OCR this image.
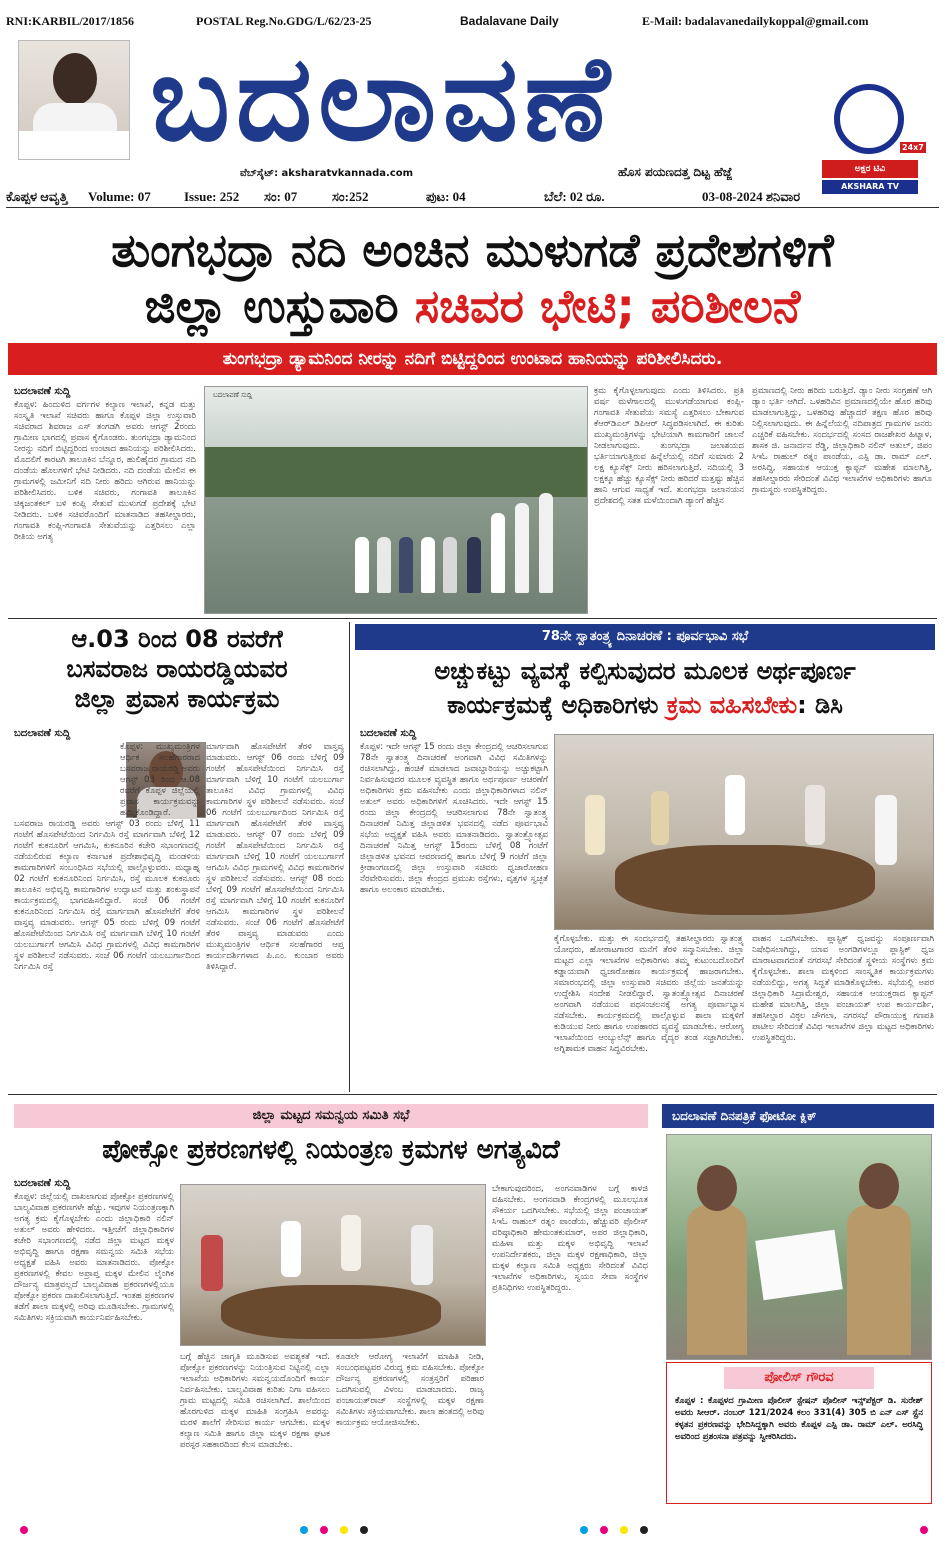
RNI:KARBIL/2017/1856	POSTAL Reg.No.GDG/L/62/23-25	Badalavane Daily	E-Mail: badalavanedailykoppal@gmail.com
ಬದಲಾವಣೆ
ವೆಬ್‌ಸೈಟ್: aksharatvkannada.com	ಹೊಸ ಪಯಣದತ್ತ ದಿಟ್ಟ ಹೆಜ್ಜೆ
24x7
ಅಕ್ಷರ ಟಿವಿ
AKSHARA TV KANNADA
ಕೊಪ್ಪಳ ಆವೃತ್ತಿ Volume: 07	Issue: 252 ಸಂ: 07	ಸಂ:252	ಪುಟ: 04	ಬೆಲೆ: 02 ರೂ.	03-08-2024 ಶನಿವಾರ
ತುಂಗಭದ್ರಾ ನದಿ ಅಂಚಿನ ಮುಳುಗಡೆ ಪ್ರದೇಶಗಳಿಗೆ
ಜಿಲ್ಲಾ ಉಸ್ತುವಾರಿ ಸಚಿವರ ಭೇಟಿ; ಪರಿಶೀಲನೆ
ತುಂಗಭದ್ರಾ ಡ್ಯಾಮನಿಂದ ನೀರನ್ನು ನದಿಗೆ ಬಿಟ್ಟಿದ್ದರಿಂದ ಉಂಟಾದ ಹಾನಿಯನ್ನು ಪರಿಶೀಲಿಸಿದರು.
ಬದಲಾವಣೆ ಸುದ್ದಿ
ಕೊಪ್ಪಳ: ಹಿಂದುಳಿದ ವರ್ಗಗಳ ಕಲ್ಯಾಣ ಇಲಾಖೆ, ಕನ್ನಡ ಮತ್ತು ಸಂಸ್ಕೃತಿ ಇಲಾಖೆ ಸಚಿವರು ಹಾಗೂ ಕೊಪ್ಪಳ ಜಿಲ್ಲಾ ಉಸ್ತುವಾರಿ ಸಚಿವರಾದ ಶಿವರಾಜ ಎಸ್ ತಂಗಡಗಿ ಅವರು ಆಗಸ್ಟ್ 2ರಂದು ಗ್ರಾಮೀಣ ಭಾಗದಲ್ಲಿ ಪ್ರವಾಸ ಕೈಗೊಂಡರು. ತುಂಗಭದ್ರಾ ಡ್ಯಾಮನಿಂದ ನೀರನ್ನು ನದಿಗೆ ಬಿಟ್ಟಿದ್ದರಿಂದ ಉಂಟಾದ ಹಾನಿಯನ್ನು ಪರಿಶೀಲಿಸಿದರು. ಮೊದಲಿಗೆ ಕಾರಟಗಿ ತಾಲೂಕಿನ ಬೆನ್ನೂರ, ಹುಲಿಹೈದರ ಗ್ರಾಮದ ನದಿ ದಂಡೆಯ ಹೊಲಗಳಿಗೆ ಭೇಟಿ ನೀಡಿದರು. ನದಿ ದಂಡೆಯ ಮೇಲಿನ ಈ ಗ್ರಾಮಗಳಲ್ಲಿ ಜಮೀನಿಗೆ ನದಿ ನೀರು ಹರಿದು ಆಗಿರುವ ಹಾನಿಯನ್ನು ಪರಿಶೀಲಿಸಿದರು. ಬಳಿಕ ಸಚಿವರು, ಗಂಗಾವತಿ ತಾಲೂಕಿನ ಚಿಕ್ಕಜಂತಕಲ್ ಬಳಿ ಕಂಪ್ಲಿ ಸೇತುವೆ ಮುಳುಗಡೆ ಪ್ರದೇಶಕ್ಕೆ ಭೇಟಿ ನೀಡಿದರು. ಬಳಿಕ ಸಚಿವರೊಂದಿಗೆ ಮಾತನಾಡಿದ ತಹಸೀಲ್ದಾರರು, ಗಂಗಾವತಿ ಕಂಪ್ಲಿ-ಗಂಗಾವತಿ ಸೇತುವೆಯನ್ನು ಎತ್ತರಿಸಲು ಎಲ್ಲಾ ರೀತಿಯ ಅಗತ್ಯ
ಬದಲಾವಣೆ ಸುದ್ದಿ	ಕ್ರಮ ಕೈಗೊಳ್ಳಲಾಗುವುದು ಎಂದು ತಿಳಿಸಿದರು. ಪ್ರತಿ ವರ್ಷ ಮಳೆಗಾಲದಲ್ಲಿ ಮುಳುಗಡೆಯಾಗುವ ಕಂಪ್ಲಿ-ಗಂಗಾವತಿ ಸೇತುವೆಯ ಸಮಸ್ಯೆ ಎತ್ತರಿಸಲು ಬೇಕಾಗುವ ಕೆಆರ್‌ಡಿಎಲ್ ಡಿಪಿಆರ್ ಸಿದ್ಧಪಡಿಸಲಾಗಿದೆ. ಈ ಕುರಿತು ಮುಖ್ಯಮಂತ್ರಿಗಳನ್ನು ಭೇಟಿಯಾಗಿ ಕಾಮಗಾರಿಗೆ ಚಾಲನೆ ನೀಡಲಾಗುವುದು. ತುಂಗಭದ್ರಾ ಜಲಾಶಯದ ಭರ್ತಿಯಾಗುತ್ತಿರುವ ಹಿನ್ನೆಲೆಯಲ್ಲಿ ನದಿಗೆ ಸುಮಾರು 2 ಲಕ್ಷ ಕ್ಯೂಸೆಕ್ಸ್ ನೀರು ಹರಿಸಲಾಗುತ್ತಿದೆ. ನದಿಯಲ್ಲಿ 3 ಲಕ್ಷಕ್ಕೂ ಹೆಚ್ಚು ಕ್ಯೂಸೆಕ್ಸ್ ನೀರು ಹರಿದರೆ ಮತ್ತಷ್ಟು ಹೆಚ್ಚಿನ ಹಾನಿ ಆಗುವ ಸಾಧ್ಯತೆ ಇದೆ. ತುಂಗಭದ್ರಾ ಜಲಾನಯನ ಪ್ರದೇಶದಲ್ಲಿ ಸತತ ಮಳೆಯಿಂದಾಗಿ ಡ್ಯಾಂಗೆ ಹೆಚ್ಚಿನ
ಪ್ರಮಾಣದಲ್ಲಿ ನೀರು ಹರಿದು ಬರುತ್ತಿದೆ. ಡ್ಯಾಂ ನೀರು ಸಂಗ್ರಹಣೆ ಆಗಿ ಡ್ಯಾಂ ಭರ್ತಿ ಆಗಿದೆ. ಒಳಹರಿವಿನ ಪ್ರಮಾಣದಲ್ಲಿಯೇ ಹೊರ ಹರಿವು ಮಾಡಲಾಗುತ್ತಿದ್ದು, ಒಳಹರಿವು ಹೆಚ್ಚಾದರೆ ತಕ್ಷಣ ಹೊರ ಹರಿವು ನಿಲ್ಲಿಸಲಾಗುವುದು. ಈ ಹಿನ್ನೆಲೆಯಲ್ಲಿ ನದಿಪಾತ್ರದ ಗ್ರಾಮಗಳ ಜನರು ಎಚ್ಚರಿಕೆ ವಹಿಸಬೇಕು. ಸಂದರ್ಭದಲ್ಲಿ ಸಂಸದ ರಾಜಶೇಖರ ಹಿಟ್ನಾಳ, ಶಾಸಕ ಜಿ. ಜನಾರ್ದನ ರೆಡ್ಡಿ, ಜಿಲ್ಲಾಧಿಕಾರಿ ನಲಿನ್ ಅತುಲ್, ಜಿಪಂ ಸಿಇಓ ರಾಹುಲ್ ರತ್ನಂ ಪಾಂಡೆಯ, ಎಸ್ಪಿ ಡಾ. ರಾಮ್ ಎಲ್. ಅರಸಿದ್ಧಿ, ಸಹಾಯಕ ಆಯುಕ್ತ ಕ್ಯಾಪ್ಟನ್ ಮಹೇಶ ಮಾಲಗಿತ್ತಿ, ತಹಸೀಲ್ದಾರರು ಸೇರಿದಂತೆ ವಿವಿಧ ಇಲಾಖೆಗಳ ಅಧಿಕಾರಿಗಳು ಹಾಗೂ ಗ್ರಾಮಸ್ಥರು ಉಪಸ್ಥಿತರಿದ್ದರು.
ಆ.03 ರಿಂದ 08 ರವರೆಗೆ
ಬಸವರಾಜ ರಾಯರಡ್ಡಿಯವರ
ಜಿಲ್ಲಾ ಪ್ರವಾಸ ಕಾರ್ಯಕ್ರಮ
ಬದಲಾವಣೆ ಸುದ್ದಿ
ಕೊಪ್ಪಳ: ಮುಖ್ಯಮಂತ್ರಿಗಳ ಆರ್ಥಿಕ ಸಲಹೆಗಾರರಾದ ಬಸವರಾಜ ರಾಯರಡ್ಡಿ ಅವರು ಆಗಸ್ಟ್ 03 ರಿಂದ ಆ.08 ರವರೆಗೆ ಕೊಪ್ಪಳ ಜಿಲ್ಲೆಯಲ್ಲಿ ಪ್ರವಾಸ ಕಾರ್ಯಕ್ರಮವನ್ನು ಹಮ್ಮಿಕೊಂಡಿದ್ದಾರೆ. ಬಸವರಾಜ ರಾಯರಡ್ಡಿ ಅವರು ಆಗಸ್ಟ್ 03 ರಂದು ಬೆಳಿಗ್ಗೆ 11 ಗಂಟೆಗೆ ಹೊಸಪೇಟೆಯಿಂದ ನಿರ್ಗಮಿಸಿ ರಸ್ತೆ ಮಾರ್ಗವಾಗಿ ಬೆಳಿಗ್ಗೆ 12 ಗಂಟೆಗೆ ಕುಕನೂರಿಗೆ ಆಗಮಿಸಿ, ಕುಕನೂರಿನ ಕಚೇರಿ ಸಭಾಂಗಣದಲ್ಲಿ ನಡೆಯಲಿರುವ ಕಲ್ಯಾಣ ಕರ್ನಾಟಕ ಪ್ರದೇಶಾಭಿವೃದ್ಧಿ ಮಂಡಳಿಯ ಕಾಮಗಾರಿಗಳಿಗೆ ಸಂಬಂಧಿಸಿದ ಸಭೆಯಲ್ಲಿ ಪಾಲ್ಗೊಳ್ಳುವರು. ಮಧ್ಯಾಹ್ನ 02 ಗಂಟೆಗೆ ಕುಕನೂರಿನಿಂದ ನಿರ್ಗಮಿಸಿ, ರಸ್ತೆ ಮೂಲಕ ಕುಕನೂರು ತಾಲೂಕಿನ ಅಭಿವೃದ್ಧಿ ಕಾಮಗಾರಿಗಳ ಉದ್ಘಾಟನೆ ಮತ್ತು ಶಂಕುಸ್ಥಾಪನೆ ಕಾರ್ಯಕ್ರಮದಲ್ಲಿ ಭಾಗವಹಿಸಲಿದ್ದಾರೆ. ಸಂಜೆ 06 ಗಂಟೆಗೆ ಕುಕನೂರಿನಿಂದ ನಿರ್ಗಮಿಸಿ ರಸ್ತೆ ಮಾರ್ಗವಾಗಿ ಹೊಸಪೇಟೆಗೆ ತೆರಳಿ ವಾಸ್ತವ್ಯ ಮಾಡುವರು. ಆಗಸ್ಟ್ 05 ರಂದು ಬೆಳಿಗ್ಗೆ 09 ಗಂಟೆಗೆ ಹೊಸಪೇಟೆಯಿಂದ ನಿರ್ಗಮಿಸಿ ರಸ್ತೆ ಮಾರ್ಗವಾಗಿ ಬೆಳಿಗ್ಗೆ 10 ಗಂಟೆಗೆ ಯಲಬುರ್ಗಾಗೆ ಆಗಮಿಸಿ ವಿವಿಧ ಗ್ರಾಮಗಳಲ್ಲಿ ವಿವಿಧ ಕಾಮಗಾರಿಗಳ ಸ್ಥಳ ಪರಿಶೀಲನೆ ನಡೆಸುವರು. ಸಂಜೆ 06 ಗಂಟೆಗೆ ಯಲಬುರ್ಗಾದಿಂದ ನಿರ್ಗಮಿಸಿ ರಸ್ತೆ
ಮಾರ್ಗವಾಗಿ ಹೊಸಪೇಟೆಗೆ ತೆರಳಿ ವಾಸ್ತವ್ಯ ಮಾಡುವರು. ಆಗಸ್ಟ್ 06 ರಂದು ಬೆಳಿಗ್ಗೆ 09 ಗಂಟೆಗೆ ಹೊಸಪೇಟೆಯಿಂದ ನಿರ್ಗಮಿಸಿ ರಸ್ತೆ ಮಾರ್ಗವಾಗಿ ಬೆಳಿಗ್ಗೆ 10 ಗಂಟೆಗೆ ಯಲಬುರ್ಗಾ ತಾಲೂಕಿನ ವಿವಿಧ ಗ್ರಾಮಗಳಲ್ಲಿ ವಿವಿಧ ಕಾಮಗಾರಿಗಳ ಸ್ಥಳ ಪರಿಶೀಲನೆ ನಡೆಸುವರು. ಸಂಜೆ 06 ಗಂಟೆಗೆ ಯಲಬುರ್ಗಾದಿಂದ ನಿರ್ಗಮಿಸಿ ರಸ್ತೆ ಮಾರ್ಗವಾಗಿ ಹೊಸಪೇಟೆಗೆ ತೆರಳಿ ವಾಸ್ತವ್ಯ ಮಾಡುವರು. ಆಗಸ್ಟ್ 07 ರಂದು ಬೆಳಿಗ್ಗೆ 09 ಗಂಟೆಗೆ ಹೊಸಪೇಟೆಯಿಂದ ನಿರ್ಗಮಿಸಿ ರಸ್ತೆ ಮಾರ್ಗವಾಗಿ ಬೆಳಿಗ್ಗೆ 10 ಗಂಟೆಗೆ ಯಲಬುರ್ಗಾಗೆ ಆಗಮಿಸಿ ವಿವಿಧ ಗ್ರಾಮಗಳಲ್ಲಿ ವಿವಿಧ ಕಾಮಗಾರಿಗಳ ಸ್ಥಳ ಪರಿಶೀಲನೆ ನಡೆಸುವರು. ಆಗಸ್ಟ್ 08 ರಂದು ಬೆಳಿಗ್ಗೆ 09 ಗಂಟೆಗೆ ಹೊಸಪೇಟೆಯಿಂದ ನಿರ್ಗಮಿಸಿ ರಸ್ತೆ ಮಾರ್ಗವಾಗಿ ಬೆಳಿಗ್ಗೆ 10 ಗಂಟೆಗೆ ಕುಕನೂರಿಗೆ ಆಗಮಿಸಿ ಕಾಮಗಾರಿಗಳ ಸ್ಥಳ ಪರಿಶೀಲನೆ ನಡೆಸುವರು. ಸಂಜೆ 06 ಗಂಟೆಗೆ ಹೊಸಪೇಟೆಗೆ ತೆರಳಿ ವಾಸ್ತವ್ಯ ಮಾಡುವರು ಎಂದು ಮುಖ್ಯಮಂತ್ರಿಗಳ ಆರ್ಥಿಕ ಸಲಹೆಗಾರರ ಆಪ್ತ ಕಾರ್ಯದರ್ಶಿಗಳಾದ ಪಿ.ಎಂ. ಕುಂಬಾರ ಅವರು ತಿಳಿಸಿದ್ದಾರೆ.
78ನೇ ಸ್ವಾತಂತ್ರ್ಯ ದಿನಾಚರಣೆ : ಪೂರ್ವಭಾವಿ ಸಭೆ
ಅಚ್ಚುಕಟ್ಟು ವ್ಯವಸ್ಥೆ ಕಲ್ಪಿಸುವುದರ ಮೂಲಕ ಅರ್ಥಪೂರ್ಣ
ಕಾರ್ಯಕ್ರಮಕ್ಕೆ ಅಧಿಕಾರಿಗಳು ಕ್ರಮ ವಹಿಸಬೇಕು: ಡಿಸಿ
ಬದಲಾವಣೆ ಸುದ್ದಿ
ಕೊಪ್ಪಳ: ಇದೇ ಆಗಸ್ಟ್ 15 ರಂದು ಜಿಲ್ಲಾ ಕೇಂದ್ರದಲ್ಲಿ ಆಚರಿಸಲಾಗುವ 78ನೇ ಸ್ವಾತಂತ್ರ್ಯ ದಿನಾಚರಣೆ ಅಂಗವಾಗಿ ವಿವಿಧ ಸಮಿತಿಗಳನ್ನು ರಚಿಸಲಾಗಿದ್ದು, ಹಂಚಿಕೆ ಮಾಡಲಾದ ಜವಾಬ್ದಾರಿಯನ್ನು ಅಚ್ಚುಕಟ್ಟಾಗಿ ನಿರ್ವಹಿಸುವುದರ ಮೂಲಕ ವ್ಯವಸ್ಥಿತ ಹಾಗೂ ಅರ್ಥಪೂರ್ಣ ಆಚರಣೆಗೆ ಅಧಿಕಾರಿಗಳು ಕ್ರಮ ವಹಿಸಬೇಕು ಎಂದು ಜಿಲ್ಲಾಧಿಕಾರಿಗಳಾದ ನಲಿನ್ ಅತುಲ್ ಅವರು ಅಧಿಕಾರಿಗಳಿಗೆ ಸೂಚಿಸಿದರು. ಇದೇ ಆಗಸ್ಟ್ 15 ರಂದು ಜಿಲ್ಲಾ ಕೇಂದ್ರದಲ್ಲಿ ಆಚರಿಸಲಾಗುವ 78ನೇ ಸ್ವಾತಂತ್ರ್ಯ ದಿನಾಚರಣೆ ನಿಮಿತ್ತ ಜಿಲ್ಲಾಡಳಿತ ಭವನದಲ್ಲಿ ನಡೆದ ಪೂರ್ವಭಾವಿ ಸಭೆಯ ಅಧ್ಯಕ್ಷತೆ ವಹಿಸಿ ಅವರು ಮಾತನಾಡಿದರು. ಸ್ವಾತಂತ್ರ್ಯೋತ್ಸವ ದಿನಾಚರಣೆ ನಿಮಿತ್ತ ಆಗಸ್ಟ್ 15ರಂದು ಬೆಳಿಗ್ಗೆ 08 ಗಂಟೆಗೆ ಜಿಲ್ಲಾಡಳಿತ ಭವನದ ಆವರಣದಲ್ಲಿ ಹಾಗೂ ಬೆಳಿಗ್ಗೆ 9 ಗಂಟೆಗೆ ಜಿಲ್ಲಾ ಕ್ರೀಡಾಂಗಣದಲ್ಲಿ ಜಿಲ್ಲಾ ಉಸ್ತುವಾರಿ ಸಚಿವರು ಧ್ವಜಾರೋಹಣ ನೆರವೇರಿಸುವರು. ಜಿಲ್ಲಾ ಕೇಂದ್ರದ ಪ್ರಮುಖ ರಸ್ತೆಗಳು, ವೃತ್ತಗಳ ಸ್ವಚ್ಛತೆ ಹಾಗೂ ಅಲಂಕಾರ ಮಾಡಬೇಕು.
ಕೈಗೊಳ್ಳಬೇಕು. ಮತ್ತು ಈ ಸಂದರ್ಭದಲ್ಲಿ ತಹಸೀಲ್ದಾರರು ಸ್ವಾತಂತ್ರ್ಯ ಯೋಧರು, ಹೋರಾಟಗಾರರ ಮನೆಗೆ ತೆರಳಿ ಸನ್ಮಾನಿಸಬೇಕು. ಜಿಲ್ಲಾ ಮಟ್ಟದ ಎಲ್ಲಾ ಇಲಾಖೆಗಳ ಅಧಿಕಾರಿಗಳು ತಮ್ಮ ಕುಟುಂಬದೊಂದಿಗೆ ಕಡ್ಡಾಯವಾಗಿ ಧ್ವಜಾರೋಹಣ ಕಾರ್ಯಕ್ರಮಕ್ಕೆ ಹಾಜರಾಗಬೇಕು. ಸಮಾರಂಭದಲ್ಲಿ ಜಿಲ್ಲಾ ಉಸ್ತುವಾರಿ ಸಚಿವರು ಜಿಲ್ಲೆಯ ಜನತೆಯನ್ನು ಉದ್ದೇಶಿಸಿ ಸಂದೇಶ ನೀಡಲಿದ್ದಾರೆ. ಸ್ವಾತಂತ್ರ್ಯೋತ್ಸವ ದಿನಾಚರಣೆ ಅಂಗವಾಗಿ ನಡೆಯುವ ಪಥಸಂಚಲನಕ್ಕೆ ಅಗತ್ಯ ಪೂರ್ವಾಭ್ಯಾಸ ನಡೆಸಬೇಕು. ಕಾರ್ಯಕ್ರಮದಲ್ಲಿ ಪಾಲ್ಗೊಳ್ಳುವ ಶಾಲಾ ಮಕ್ಕಳಿಗೆ ಕುಡಿಯುವ ನೀರು ಹಾಗೂ ಉಪಹಾರದ ವ್ಯವಸ್ಥೆ ಮಾಡಬೇಕು. ಆರೋಗ್ಯ ಇಲಾಖೆಯಿಂದ ಆಂಬ್ಯುಲೆನ್ಸ್ ಹಾಗೂ ವೈದ್ಯರ ತಂಡ ಸಜ್ಜಾಗಿರಬೇಕು. ಅಗ್ನಿಶಾಮಕ ವಾಹನ ಸಿದ್ಧವಿರಬೇಕು.
ವಾಹನ ಒದಗಿಸಬೇಕು. ಪ್ಲಾಸ್ಟಿಕ್ ಧ್ವಜವನ್ನು ಸಂಪೂರ್ಣವಾಗಿ ನಿಷೇಧಿಸಲಾಗಿದ್ದು, ಯಾವ ಅಂಗಡಿಗಳಲ್ಲೂ ಪ್ಲಾಸ್ಟಿಕ್ ಧ್ವಜ ಮಾರಾಟವಾಗದಂತೆ ನಗರಸಭೆ ಸೇರಿದಂತೆ ಸ್ಥಳೀಯ ಸಂಸ್ಥೆಗಳು ಕ್ರಮ ಕೈಗೊಳ್ಳಬೇಕು. ಶಾಲಾ ಮಕ್ಕಳಿಂದ ಸಾಂಸ್ಕೃತಿಕ ಕಾರ್ಯಕ್ರಮಗಳು ನಡೆಯಲಿದ್ದು, ಅಗತ್ಯ ಸಿದ್ಧತೆ ಮಾಡಿಕೊಳ್ಳಬೇಕು. ಸಭೆಯಲ್ಲಿ ಅಪರ ಜಿಲ್ಲಾಧಿಕಾರಿ ಸಿದ್ರಾಮೇಶ್ವರ, ಸಹಾಯಕ ಆಯುಕ್ತರಾದ ಕ್ಯಾಪ್ಟನ್ ಮಹೇಶ ಮಾಲಗಿತ್ತಿ, ಜಿಲ್ಲಾ ಪಂಚಾಯತ್ ಉಪ ಕಾರ್ಯದರ್ಶಿ, ತಹಸೀಲ್ದಾರ ವಿಠ್ಠಲ ಚೌಗಲಾ, ನಗರಸಭೆ ಪೌರಾಯುಕ್ತ ಗಣಪತಿ ಪಾಟೀಲ ಸೇರಿದಂತೆ ವಿವಿಧ ಇಲಾಖೆಗಳ ಜಿಲ್ಲಾ ಮಟ್ಟದ ಅಧಿಕಾರಿಗಳು ಉಪಸ್ಥಿತರಿದ್ದರು.
ಜಿಲ್ಲಾ ಮಟ್ಟದ ಸಮನ್ವಯ ಸಮಿತಿ ಸಭೆ
ಪೋಕ್ಸೋ ಪ್ರಕರಣಗಳಲ್ಲಿ ನಿಯಂತ್ರಣ ಕ್ರಮಗಳ ಅಗತ್ಯವಿದೆ
ಬದಲಾವಣೆ ಸುದ್ದಿ
ಕೊಪ್ಪಳ: ಜಿಲ್ಲೆಯಲ್ಲಿ ದಾಖಲಾಗುವ ಪೋಕ್ಸೋ ಪ್ರಕರಣಗಳಲ್ಲಿ ಬಾಲ್ಯವಿವಾಹ ಪ್ರಕರಣಗಳೇ ಹೆಚ್ಚು. ಇವುಗಳ ನಿಯಂತ್ರಣಕ್ಕಾಗಿ ಅಗತ್ಯ ಕ್ರಮ ಕೈಗೊಳ್ಳಬೇಕು ಎಂದು ಜಿಲ್ಲಾಧಿಕಾರಿ ನಲಿನ್ ಅತುಲ್ ಅವರು ಹೇಳಿದರು. ಇತ್ತೀಚೆಗೆ ಜಿಲ್ಲಾಧಿಕಾರಿಗಳ ಕಚೇರಿ ಸಭಾಂಗಣದಲ್ಲಿ ನಡೆದ ಜಿಲ್ಲಾ ಮಟ್ಟದ ಮಕ್ಕಳ ಅಭಿವೃದ್ಧಿ ಹಾಗೂ ರಕ್ಷಣಾ ಸಮನ್ವಯ ಸಮಿತಿ ಸಭೆಯ ಅಧ್ಯಕ್ಷತೆ ವಹಿಸಿ ಅವರು ಮಾತನಾಡಿದರು. ಪೋಕ್ಸೋ ಪ್ರಕರಣಗಳಲ್ಲಿ ಕೇವಲ ಅಪ್ರಾಪ್ತ ಮಕ್ಕಳ ಮೇಲಿನ ಲೈಂಗಿಕ ದೌರ್ಜನ್ಯ ಮಾತ್ರವಲ್ಲದೆ ಬಾಲ್ಯವಿವಾಹ ಪ್ರಕರಣಗಳಲ್ಲಿಯೂ ಪೋಕ್ಸೋ ಪ್ರಕರಣ ದಾಖಲಿಸಲಾಗುತ್ತಿದೆ. ಇಂತಹ ಪ್ರಕರಣಗಳ ತಡೆಗೆ ಶಾಲಾ ಮಕ್ಕಳಲ್ಲಿ ಅರಿವು ಮೂಡಿಸಬೇಕು. ಗ್ರಾಮಗಳಲ್ಲಿ ಸಮಿತಿಗಳು ಸಕ್ರಿಯವಾಗಿ ಕಾರ್ಯನಿರ್ವಹಿಸಬೇಕು.
ಬಗ್ಗೆ ಹೆಚ್ಚಿನ ಜಾಗೃತಿ ಮೂಡಿಸುವ ಅವಶ್ಯಕತೆ ಇದೆ. ಪೋಕ್ಸೋ ಪ್ರಕರಣಗಳನ್ನು ನಿಯಂತ್ರಿಸುವ ನಿಟ್ಟಿನಲ್ಲಿ ಎಲ್ಲಾ ಇಲಾಖೆಯ ಅಧಿಕಾರಿಗಳು ಸಮನ್ವಯದೊಂದಿಗೆ ಕಾರ್ಯ ನಿರ್ವಹಿಸಬೇಕು. ಬಾಲ್ಯವಿವಾಹ ಕುರಿತು ನಿಗಾ ವಹಿಸಲು ಗ್ರಾಮ ಮಟ್ಟದಲ್ಲಿ ಸಮಿತಿ ರಚಿಸಲಾಗಿದೆ. ಶಾಲೆಯಿಂದ ಹೊರಗುಳಿದ ಮಕ್ಕಳ ಮಾಹಿತಿ ಸಂಗ್ರಹಿಸಿ ಅವರನ್ನು ಮರಳಿ ಶಾಲೆಗೆ ಸೇರಿಸುವ ಕಾರ್ಯ ಆಗಬೇಕು. ಮಕ್ಕಳ ಕಲ್ಯಾಣ ಸಮಿತಿ ಹಾಗೂ ಜಿಲ್ಲಾ ಮಕ್ಕಳ ರಕ್ಷಣಾ ಘಟಕ ಪರಸ್ಪರ ಸಹಕಾರದಿಂದ ಕೆಲಸ ಮಾಡಬೇಕು.
ಕೂಡಲೇ ಆರೋಗ್ಯ ಇಲಾಖೆಗೆ ಮಾಹಿತಿ ನೀಡಿ, ಸಂಬಂಧಪಟ್ಟವರ ವಿರುದ್ಧ ಕ್ರಮ ವಹಿಸಬೇಕು. ಪೋಕ್ಸೋ ದೌರ್ಜನ್ಯ ಪ್ರಕರಣಗಳಲ್ಲಿ ಸಂತ್ರಸ್ತರಿಗೆ ಪರಿಹಾರ ಒದಗಿಸುವಲ್ಲಿ ವಿಳಂಬ ಮಾಡಬಾರದು. ರಾಜ್ಯ ಪಂಚಾಯತ್‌ರಾಜ್ ಸಂಸ್ಥೆಗಳಲ್ಲಿ ಮಕ್ಕಳ ರಕ್ಷಣಾ ಸಮಿತಿಗಳು ಸಕ್ರಿಯವಾಗಬೇಕು. ಶಾಲಾ ಹಂತದಲ್ಲಿ ಅರಿವು ಕಾರ್ಯಕ್ರಮ ಆಯೋಜಿಸಬೇಕು.
ಬೇಕಾಗುವುದರಿಂದ, ಅಂಗನವಾಡಿಗಳ ಬಗ್ಗೆ ಕಾಳಜಿ ವಹಿಸಬೇಕು. ಅಂಗನವಾಡಿ ಕೇಂದ್ರಗಳಲ್ಲಿ ಮೂಲಭೂತ ಸೌಕರ್ಯ ಒದಗಿಸಬೇಕು. ಸಭೆಯಲ್ಲಿ ಜಿಲ್ಲಾ ಪಂಚಾಯತ್ ಸಿಇಓ ರಾಹುಲ್ ರತ್ನಂ ಪಾಂಡೆಯ, ಹೆಚ್ಚುವರಿ ಪೊಲೀಸ್ ವರಿಷ್ಠಾಧಿಕಾರಿ ಹೇಮಂತಕುಮಾರ್, ಅಪರ ಜಿಲ್ಲಾಧಿಕಾರಿ, ಮಹಿಳಾ ಮತ್ತು ಮಕ್ಕಳ ಅಭಿವೃದ್ಧಿ ಇಲಾಖೆ ಉಪನಿರ್ದೇಶಕರು, ಜಿಲ್ಲಾ ಮಕ್ಕಳ ರಕ್ಷಣಾಧಿಕಾರಿ, ಜಿಲ್ಲಾ ಮಕ್ಕಳ ಕಲ್ಯಾಣ ಸಮಿತಿ ಅಧ್ಯಕ್ಷರು ಸೇರಿದಂತೆ ವಿವಿಧ ಇಲಾಖೆಗಳ ಅಧಿಕಾರಿಗಳು, ಸ್ವಯಂ ಸೇವಾ ಸಂಸ್ಥೆಗಳ ಪ್ರತಿನಿಧಿಗಳು ಉಪಸ್ಥಿತರಿದ್ದರು.
ಬದಲಾವಣೆ ದಿನಪತ್ರಿಕೆ ಫೋಟೋ ಕ್ಲಿಕ್
ಪೋಲಿಸ್ ಗೌರವ
ಕೊಪ್ಪಳ : ಕೊಪ್ಪಳದ ಗ್ರಾಮೀಣ ಪೊಲೀಸ್ ಸ್ಟೇಷನ್ ಪೊಲೀಸ್ ಇನ್ಸ್‌ಪೆಕ್ಟರ್ ಡಿ. ಸುರೇಶ್ ಅವರು ಸೀಆರ್. ನಂಬರ್ 121/2024 ಕಲಂ 331(4) 305 ಬಿ ಎನ್ ಎಸ್ ಸ್ಪ್ರೆನ ಕಳ್ಳತನ ಪ್ರಕರಣವನ್ನು ಭೇದಿಸಿದ್ದಕ್ಕಾಗಿ ಅವರು ಕೊಪ್ಪಳ ಎಸ್ಪಿ ಡಾ. ರಾಮ್ ಎಲ್. ಅರಸಿದ್ಧಿ ಅವರಿಂದ ಪ್ರಶಂಸನಾ ಪತ್ರವನ್ನು ಸ್ವೀಕರಿಸಿದರು.
